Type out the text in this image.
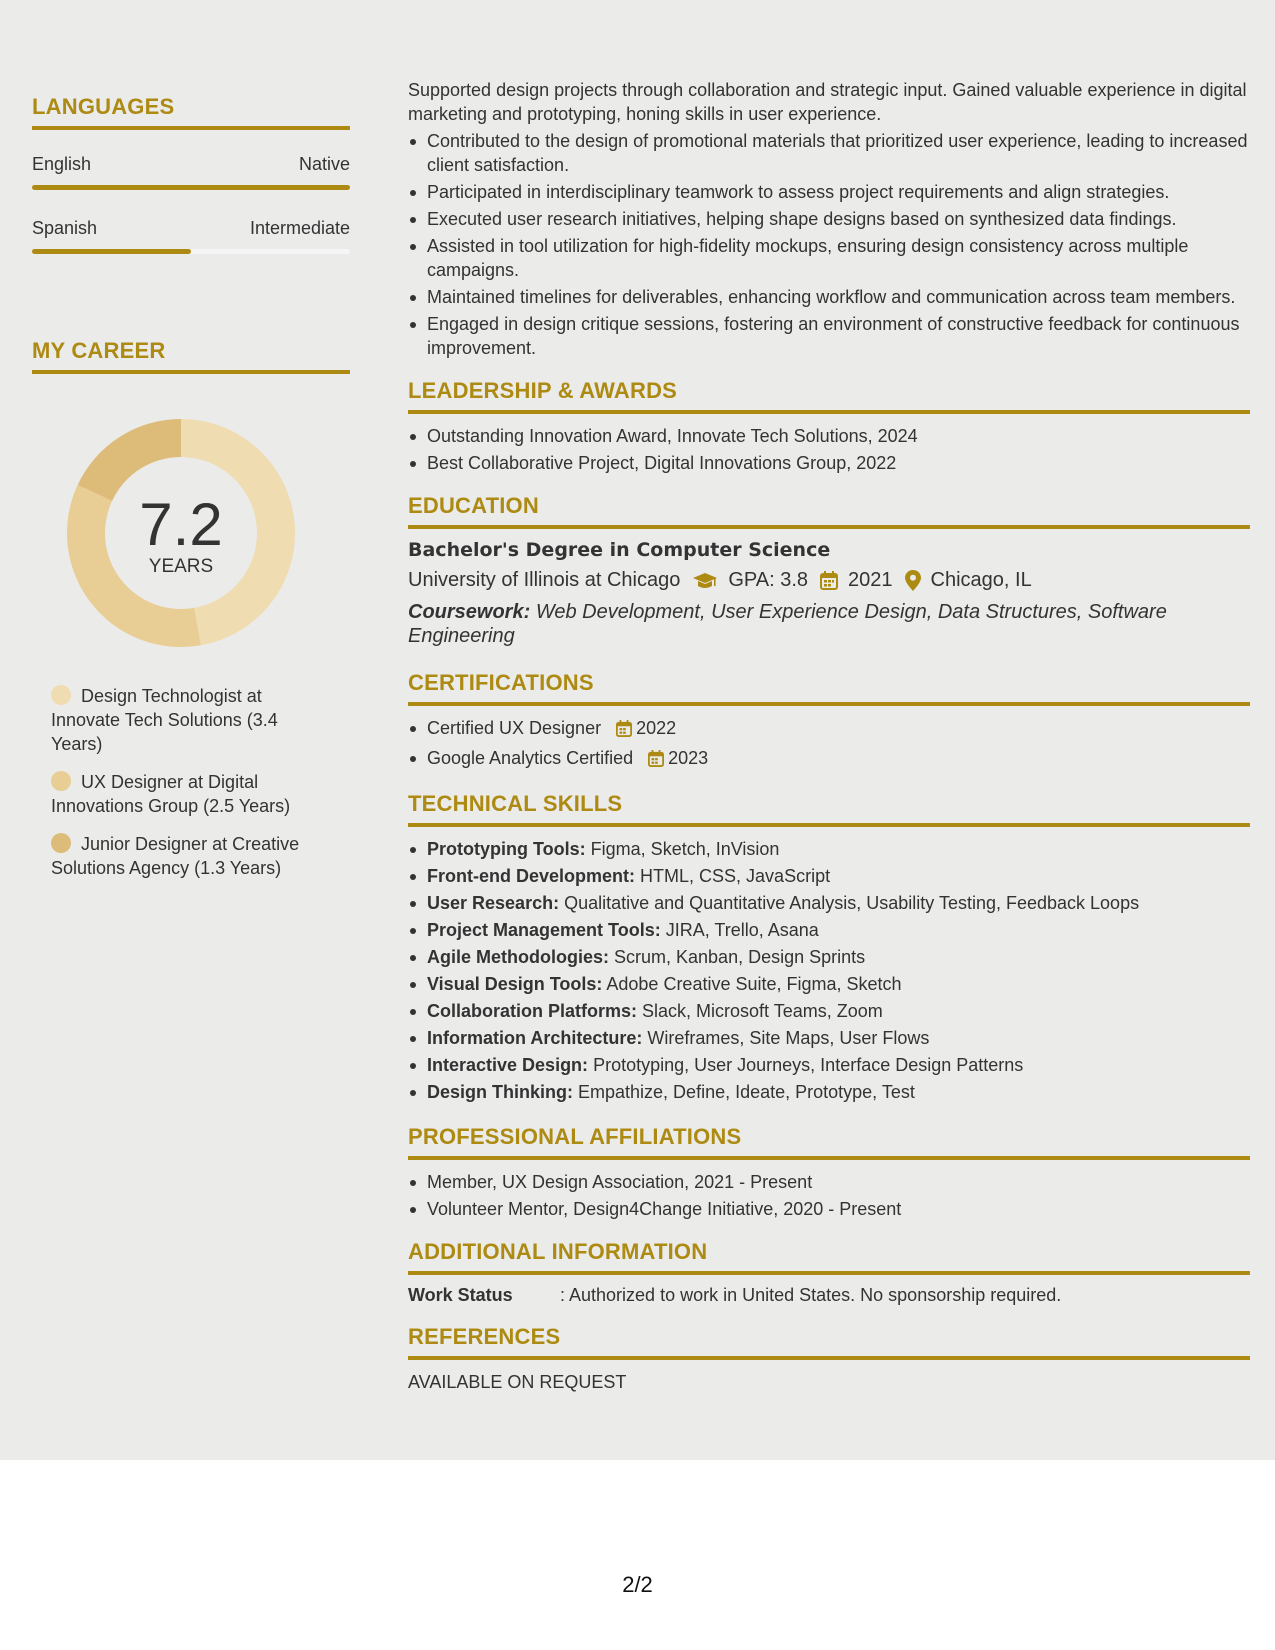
LANGUAGES
English	Native
Spanish	Intermediate
MY CAREER
7.2
YEARS
Design Technologist at Innovate Tech Solutions (3.4 Years)
UX Designer at Digital Innovations Group (2.5 Years)
Junior Designer at Creative Solutions Agency (1.3 Years)
Supported design projects through collaboration and strategic input. Gained valuable experience in digital marketing and prototyping, honing skills in user experience.
Contributed to the design of promotional materials that prioritized user experience, leading to increased client satisfaction.
Participated in interdisciplinary teamwork to assess project requirements and align strategies.
Executed user research initiatives, helping shape designs based on synthesized data findings.
Assisted in tool utilization for high-fidelity mockups, ensuring design consistency across multiple campaigns.
Maintained timelines for deliverables, enhancing workflow and communication across team members.
Engaged in design critique sessions, fostering an environment of constructive feedback for continuous improvement.
LEADERSHIP & AWARDS
Outstanding Innovation Award, Innovate Tech Solutions, 2024
Best Collaborative Project, Digital Innovations Group, 2022
EDUCATION
Bachelor's Degree in Computer Science
University of Illinois at Chicago GPA: 3.8 2021 Chicago, IL
Coursework: Web Development, User Experience Design, Data Structures, Software Engineering
CERTIFICATIONS
Certified UX Designer 2022
Google Analytics Certified 2023
TECHNICAL SKILLS
Prototyping Tools: Figma, Sketch, InVision
Front-end Development: HTML, CSS, JavaScript
User Research: Qualitative and Quantitative Analysis, Usability Testing, Feedback Loops
Project Management Tools: JIRA, Trello, Asana
Agile Methodologies: Scrum, Kanban, Design Sprints
Visual Design Tools: Adobe Creative Suite, Figma, Sketch
Collaboration Platforms: Slack, Microsoft Teams, Zoom
Information Architecture: Wireframes, Site Maps, User Flows
Interactive Design: Prototyping, User Journeys, Interface Design Patterns
Design Thinking: Empathize, Define, Ideate, Prototype, Test
PROFESSIONAL AFFILIATIONS
Member, UX Design Association, 2021 - Present
Volunteer Mentor, Design4Change Initiative, 2020 - Present
ADDITIONAL INFORMATION
Work Status	: Authorized to work in United States. No sponsorship required.
REFERENCES
AVAILABLE ON REQUEST
2/2
